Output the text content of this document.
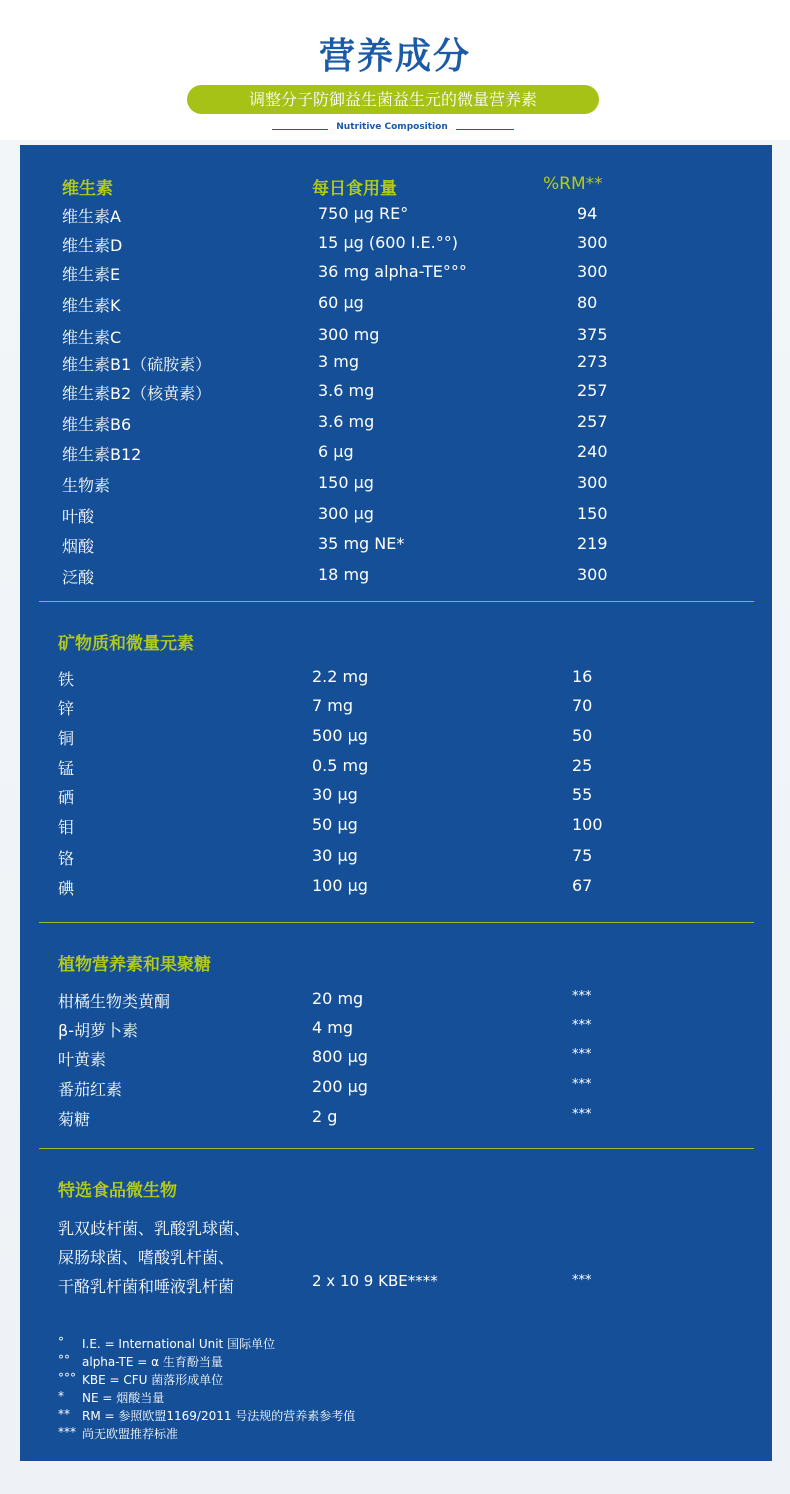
营养成分
调整分子防御益生菌益生元的微量营养素
Nutritive Composition
维生素	每日食用量	%RM**
维生素A	750 µg RE°	94
维生素D	15 µg (600 I.E.°°)	300
维生素E	36 mg alpha-TE°°°	300
维生素K	60 µg	80
维生素C	300 mg	375
维生素B1（硫胺素）	3 mg	273
维生素B2（核黄素）	3.6 mg	257
维生素B6	3.6 mg	257
维生素B12	6 µg	240
生物素	150 µg	300
叶酸	300 µg	150
烟酸	35 mg NE*	219
泛酸	18 mg	300
矿物质和微量元素
铁	2.2 mg	16
锌	7 mg	70
铜	500 µg	50
锰	0.5 mg	25
硒	30 µg	55
钼	50 µg	100
铬	30 µg	75
碘	100 µg	67
植物营养素和果聚糖
柑橘生物类黄酮	20 mg	***
β-胡萝卜素	4 mg	***
叶黄素	800 µg	***
番茄红素	200 µg	***
菊糖	2 g	***
特选食品微生物
乳双歧杆菌、乳酸乳球菌、
屎肠球菌、嗜酸乳杆菌、
干酪乳杆菌和唾液乳杆菌	2 x 10 9 KBE****	***
° I.E. = International Unit 国际单位
°° alpha-TE = α 生育酚当量
°°° KBE = CFU 菌落形成单位
* NE = 烟酸当量
** RM = 参照欧盟1169/2011 号法规的营养素参考值
*** 尚无欧盟推荐标准
